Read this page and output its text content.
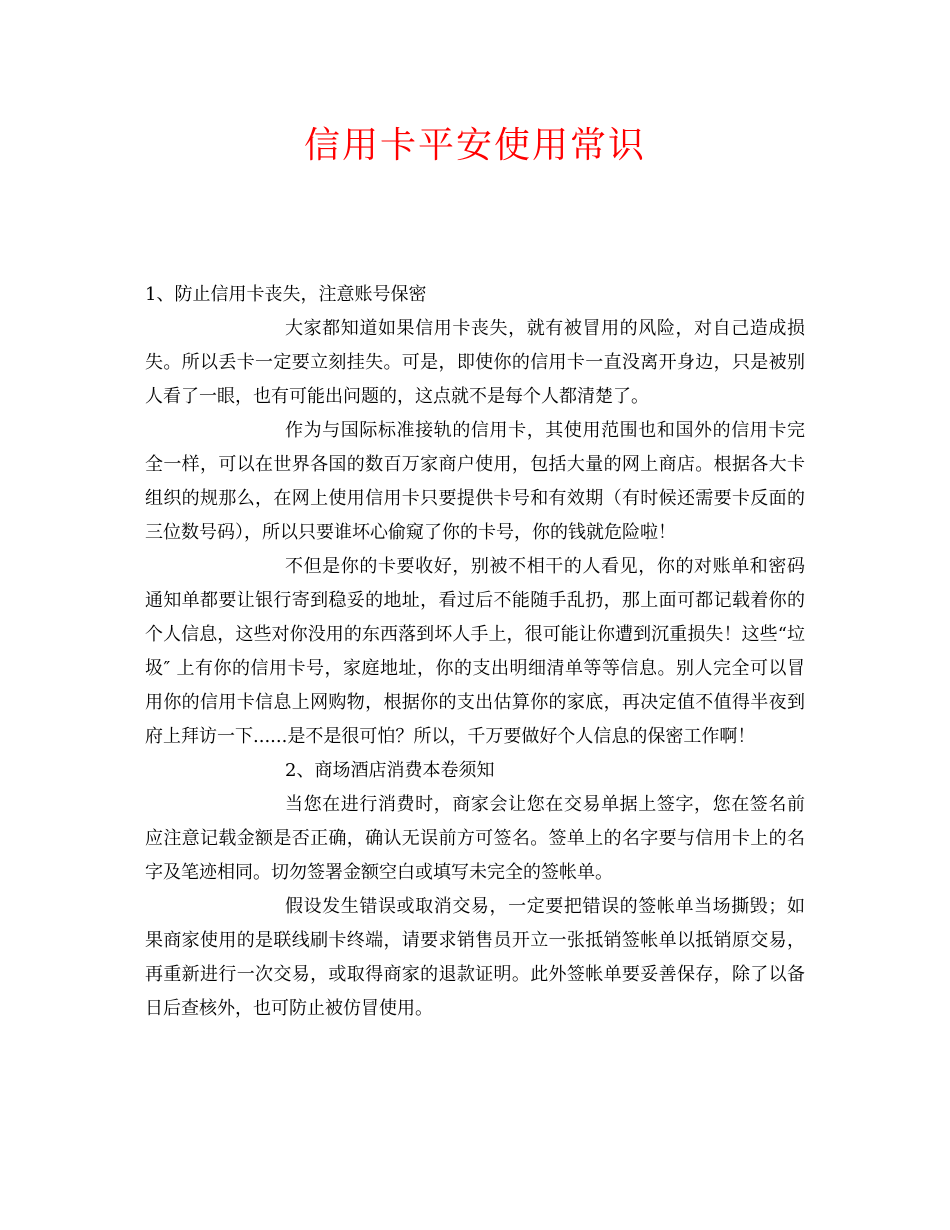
信用卡平安使用常识

1、防止信用卡丧失，注意账号保密

大家都知道如果信用卡丧失，就有被冒用的风险，对自己造成损失。所以丢卡一定要立刻挂失。可是，即使你的信用卡一直没离开身边，只是被别人看了一眼，也有可能出问题的，这点就不是每个人都清楚了。

作为与国际标准接轨的信用卡，其使用范围也和国外的信用卡完全一样，可以在世界各国的数百万家商户使用，包括大量的网上商店。根据各大卡组织的规那么，在网上使用信用卡只要提供卡号和有效期（有时候还需要卡反面的三位数号码），所以只要谁坏心偷窥了你的卡号，你的钱就危险啦！

不但是你的卡要收好，别被不相干的人看见，你的对账单和密码通知单都要让银行寄到稳妥的地址，看过后不能随手乱扔，那上面可都记载着你的个人信息，这些对你没用的东西落到坏人手上，很可能让你遭到沉重损失！这些“垃圾″ 上有你的信用卡号，家庭地址，你的支出明细清单等等信息。别人完全可以冒用你的信用卡信息上网购物，根据你的支出估算你的家底，再决定值不值得半夜到府上拜访一下......是不是很可怕？所以，千万要做好个人信息的保密工作啊！

2、商场酒店消费本卷须知

当您在进行消费时，商家会让您在交易单据上签字，您在签名前应注意记载金额是否正确，确认无误前方可签名。签单上的名字要与信用卡上的名字及笔迹相同。切勿签署金额空白或填写未完全的签帐单。

假设发生错误或取消交易，一定要把错误的签帐单当场撕毁；如果商家使用的是联线刷卡终端，请要求销售员开立一张抵销签帐单以抵销原交易，再重新进行一次交易，或取得商家的退款证明。此外签帐单要妥善保存，除了以备日后查核外，也可防止被仿冒使用。
